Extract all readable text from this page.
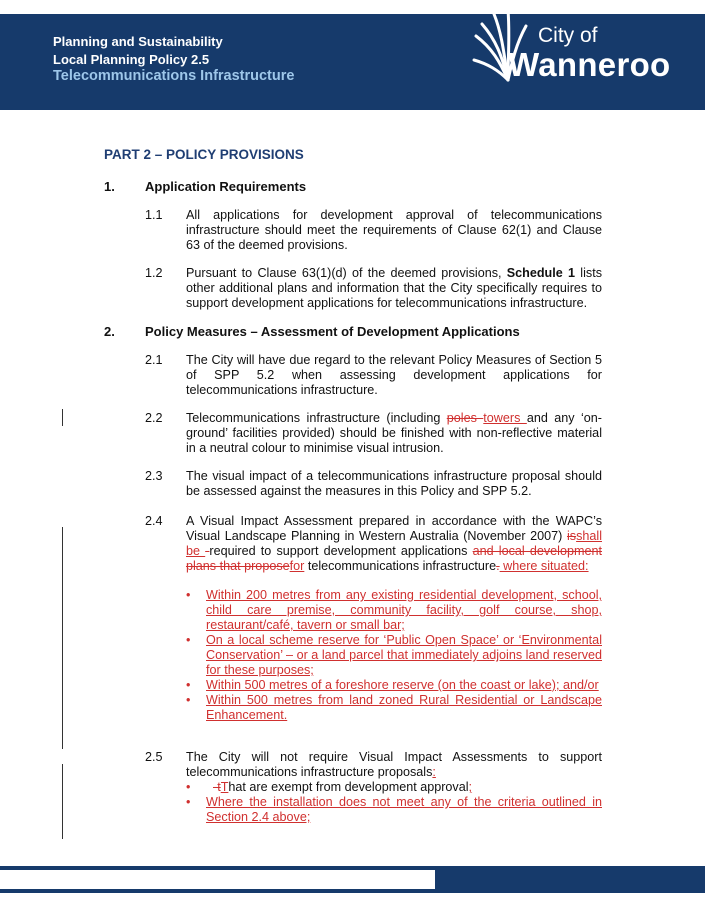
Planning and Sustainability
Local Planning Policy 2.5
Telecommunications Infrastructure
City of
Wanneroo
PART 2 – POLICY PROVISIONS
1. Application Requirements
1.1 All applications for development approval of telecommunications infrastructure should meet the requirements of Clause 62(1) and Clause 63 of the deemed provisions.
1.2 Pursuant to Clause 63(1)(d) of the deemed provisions, Schedule 1 lists other additional plans and information that the City specifically requires to support development applications for telecommunications infrastructure.
2. Policy Measures – Assessment of Development Applications
2.1 The City will have due regard to the relevant Policy Measures of Section 5 of SPP 5.2 when assessing development applications for telecommunications infrastructure.
2.2 Telecommunications infrastructure (including poles towers and any ‘on-ground’ facilities provided) should be finished with non-reflective material in a neutral colour to minimise visual intrusion.
2.3 The visual impact of a telecommunications infrastructure proposal should be assessed against the measures in this Policy and SPP 5.2.
2.4 A Visual Impact Assessment prepared in accordance with the WAPC’s Visual Landscape Planning in Western Australia (November 2007) isshall be -required to support development applications and local development plans that proposefor telecommunications infrastructure. where situated:
• Within 200 metres from any existing residential development, school, child care premise, community facility, golf course, shop, restaurant/café, tavern or small bar;
• On a local scheme reserve for ‘Public Open Space’ or ‘Environmental Conservation’ – or a land parcel that immediately adjoins land reserved for these purposes;
• Within 500 metres of a foreshore reserve (on the coast or lake); and/or
• Within 500 metres from land zoned Rural Residential or Landscape Enhancement.
2.5 The City will not require Visual Impact Assessments to support telecommunications infrastructure proposals:
• -tThat are exempt from development approval;
• Where the installation does not meet any of the criteria outlined in Section 2.4 above;
